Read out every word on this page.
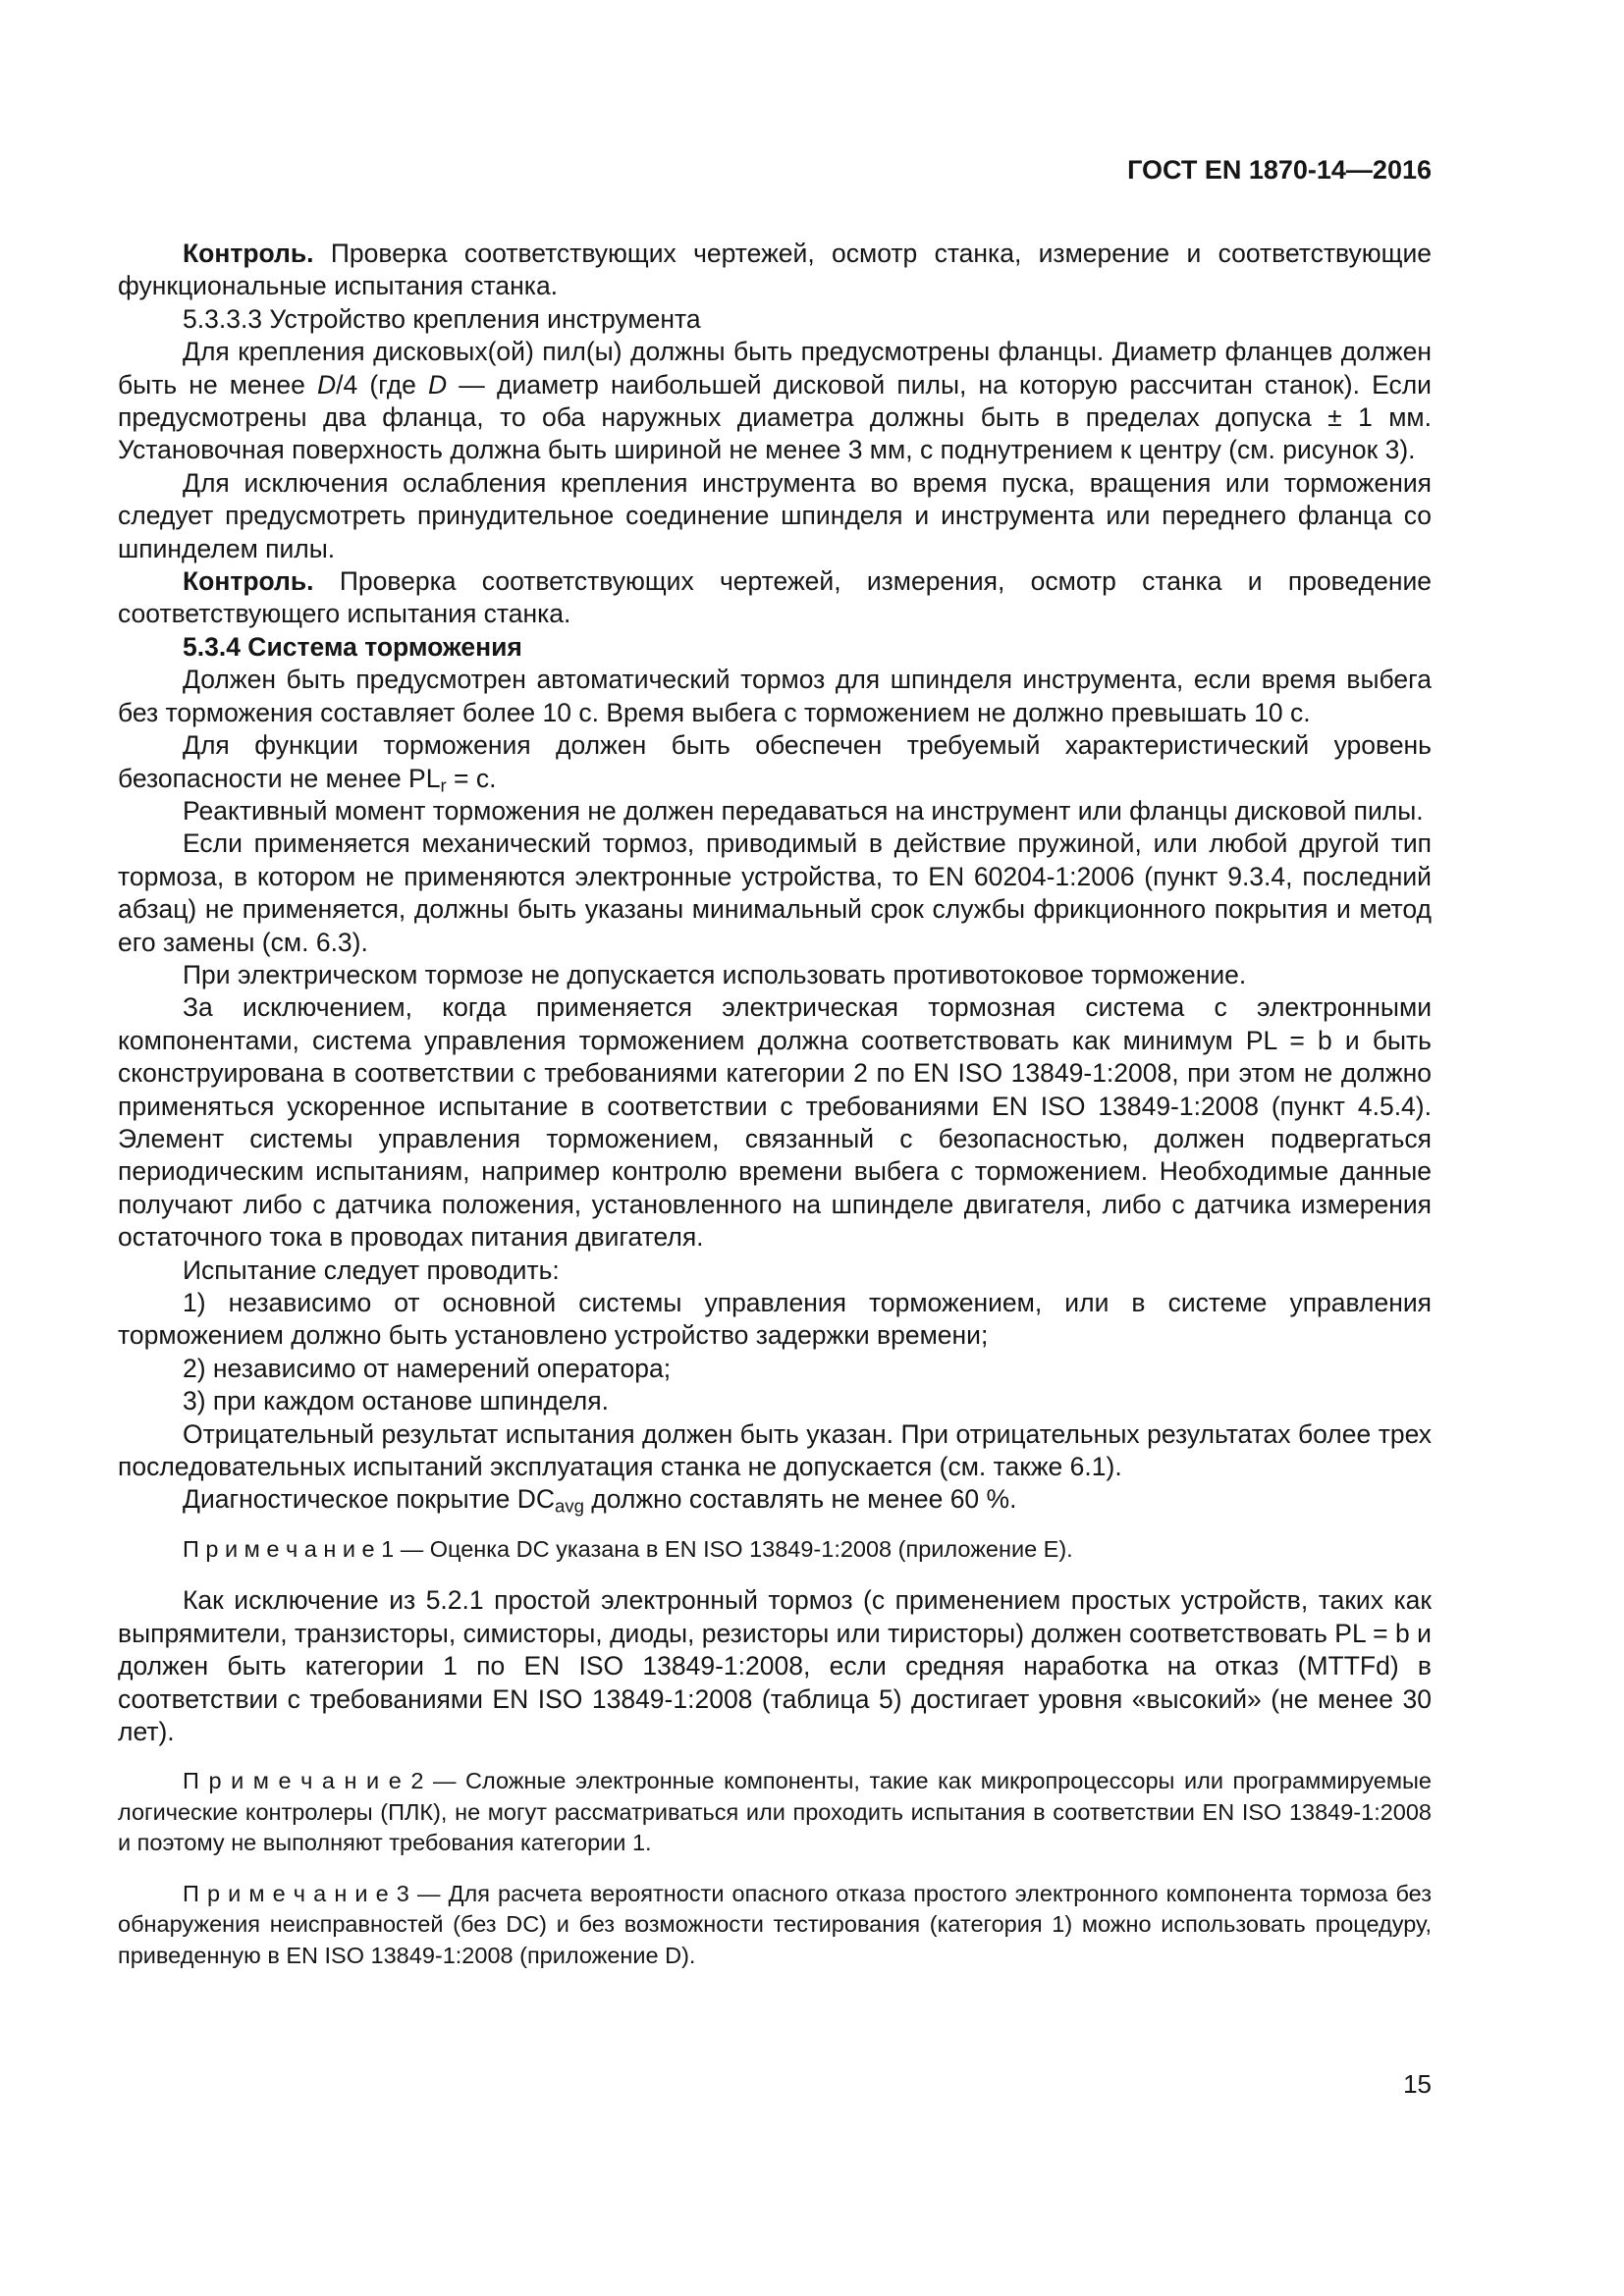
ГОСТ EN 1870-14—2016

Контроль. Проверка соответствующих чертежей, осмотр станка, измерение и соответствующие функциональные испытания станка.

5.3.3.3 Устройство крепления инструмента

Для крепления дисковых(ой) пил(ы) должны быть предусмотрены фланцы. Диаметр фланцев должен быть не менее D/4 (где D — диаметр наибольшей дисковой пилы, на которую рассчитан станок). Если предусмотрены два фланца, то оба наружных диаметра должны быть в пределах допуска ± 1 мм. Установочная поверхность должна быть шириной не менее 3 мм, с поднутрением к центру (см. рисунок 3).

Для исключения ослабления крепления инструмента во время пуска, вращения или торможения следует предусмотреть принудительное соединение шпинделя и инструмента или переднего фланца со шпинделем пилы.

Контроль. Проверка соответствующих чертежей, измерения, осмотр станка и проведение соответствующего испытания станка.

5.3.4 Система торможения

Должен быть предусмотрен автоматический тормоз для шпинделя инструмента, если время выбега без торможения составляет более 10 с. Время выбега с торможением не должно превышать 10 с.

Для функции торможения должен быть обеспечен требуемый характеристический уровень безопасности не менее $PL_r = c$.

Реактивный момент торможения не должен передаваться на инструмент или фланцы дисковой пилы.

Если применяется механический тормоз, приводимый в действие пружиной, или любой другой тип тормоза, в котором не применяются электронные устройства, то EN 60204-1:2006 (пункт 9.3.4, последний абзац) не применяется, должны быть указаны минимальный срок службы фрикционного покрытия и метод его замены (см. 6.3).

При электрическом тормозе не допускается использовать противотоковое торможение.

За исключением, когда применяется электрическая тормозная система с электронными компонентами, система управления торможением должна соответствовать как минимум PL = b и быть сконструирована в соответствии с требованиями категории 2 по EN ISO 13849-1:2008, при этом не должно применяться ускоренное испытание в соответствии с требованиями EN ISO 13849-1:2008 (пункт 4.5.4). Элемент системы управления торможением, связанный с безопасностью, должен подвергаться периодическим испытаниям, например контролю времени выбега с торможением. Необходимые данные получают либо с датчика положения, установленного на шпинделе двигателя, либо с датчика измерения остаточного тока в проводах питания двигателя.

Испытание следует проводить:

1) независимо от основной системы управления торможением, или в системе управления торможением должно быть установлено устройство задержки времени;

2) независимо от намерений оператора;

3) при каждом останове шпинделя.

Отрицательный результат испытания должен быть указан. При отрицательных результатах более трех последовательных испытаний эксплуатация станка не допускается (см. также 6.1).

Диагностическое покрытие $DC_{avg}$ должно составлять не менее 60 %.

П р и м е ч а н и е 1 — Оценка DC указана в EN ISO 13849-1:2008 (приложение Е).

Как исключение из 5.2.1 простой электронный тормоз (с применением простых устройств, таких как выпрямители, транзисторы, симисторы, диоды, резисторы или тиристоры) должен соответствовать PL = b и должен быть категории 1 по EN ISO 13849-1:2008, если средняя наработка на отказ (MTTFd) в соответствии с требованиями EN ISO 13849-1:2008 (таблица 5) достигает уровня «высокий» (не менее 30 лет).

П р и м е ч а н и е 2 — Сложные электронные компоненты, такие как микропроцессоры или программируемые логические контролеры (ПЛК), не могут рассматриваться или проходить испытания в соответствии EN ISO 13849-1:2008 и поэтому не выполняют требования категории 1.

П р и м е ч а н и е 3 — Для расчета вероятности опасного отказа простого электронного компонента тормоза без обнаружения неисправностей (без DC) и без возможности тестирования (категория 1) можно использовать процедуру, приведенную в EN ISO 13849-1:2008 (приложение D).

15
